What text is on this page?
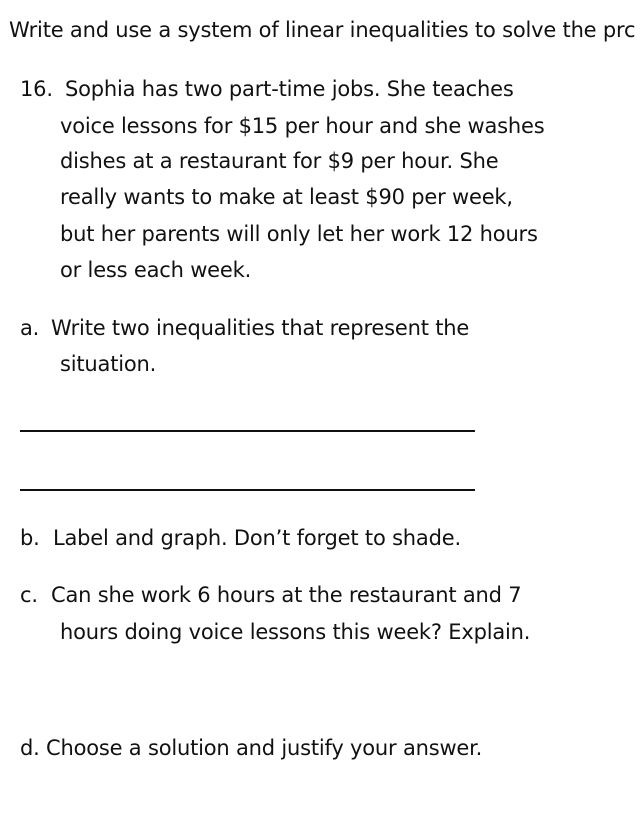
Write and use a system of linear inequalities to solve the prc
16. Sophia has two part-time jobs. She teaches
voice lessons for $15 per hour and she washes
dishes at a restaurant for $9 per hour. She
really wants to make at least $90 per week,
but her parents will only let her work 12 hours
or less each week.
a. Write two inequalities that represent the
situation.
b. Label and graph. Don’t forget to shade.
c. Can she work 6 hours at the restaurant and 7
hours doing voice lessons this week? Explain.
d. Choose a solution and justify your answer.
